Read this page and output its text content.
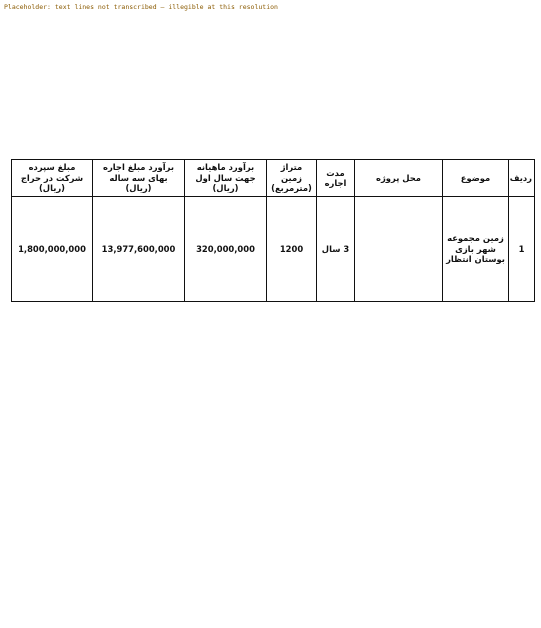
Placeholder: text lines not transcribed — illegible at this resolution

ردیف	موضوع	محل پروژه	مدت اجاره	متراژ زمین (مترمربع)	برآورد ماهیانه جهت سال اول (ریال)	برآورد مبلغ اجاره بهای سه ساله (ریال)	مبلغ سپرده شرکت در حراج (ریال)
1	زمین مجموعه شهر بازی بوستان انتظار		3 سال	1200	320,000,000	13,977,600,000	1,800,000,000
